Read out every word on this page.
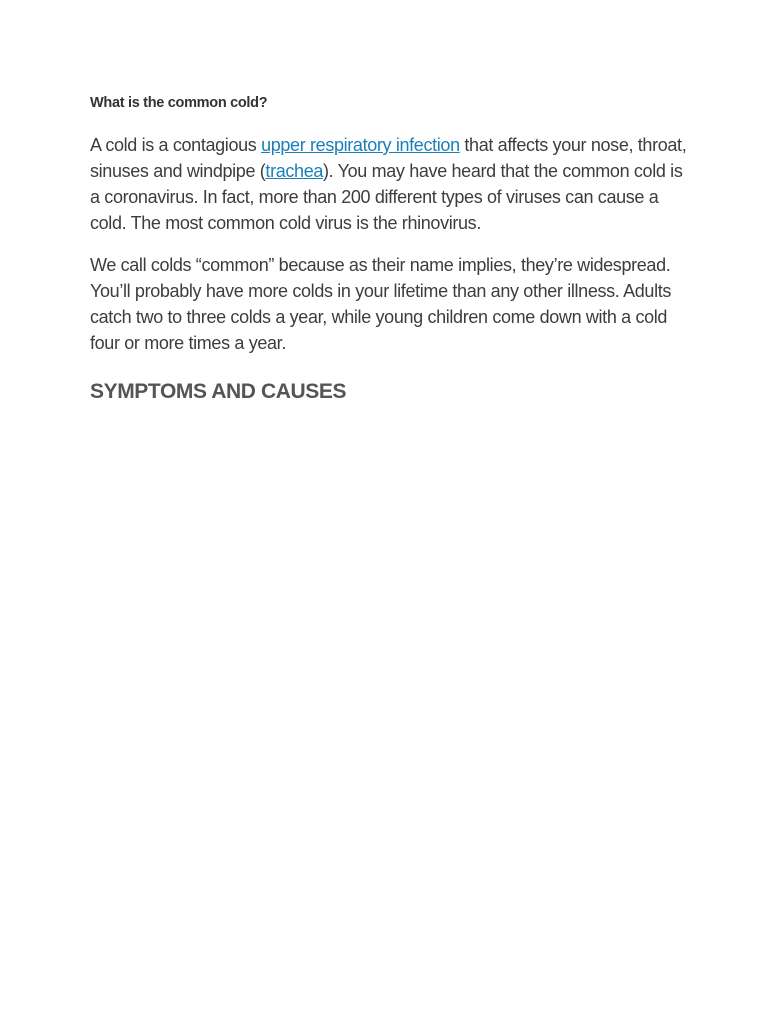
What is the common cold?

A cold is a contagious upper respiratory infection that affects your nose, throat, sinuses and windpipe (trachea). You may have heard that the common cold is a coronavirus. In fact, more than 200 different types of viruses can cause a cold. The most common cold virus is the rhinovirus.

We call colds “common” because as their name implies, they’re widespread. You’ll probably have more colds in your lifetime than any other illness. Adults catch two to three colds a year, while young children come down with a cold four or more times a year.

SYMPTOMS AND CAUSES
